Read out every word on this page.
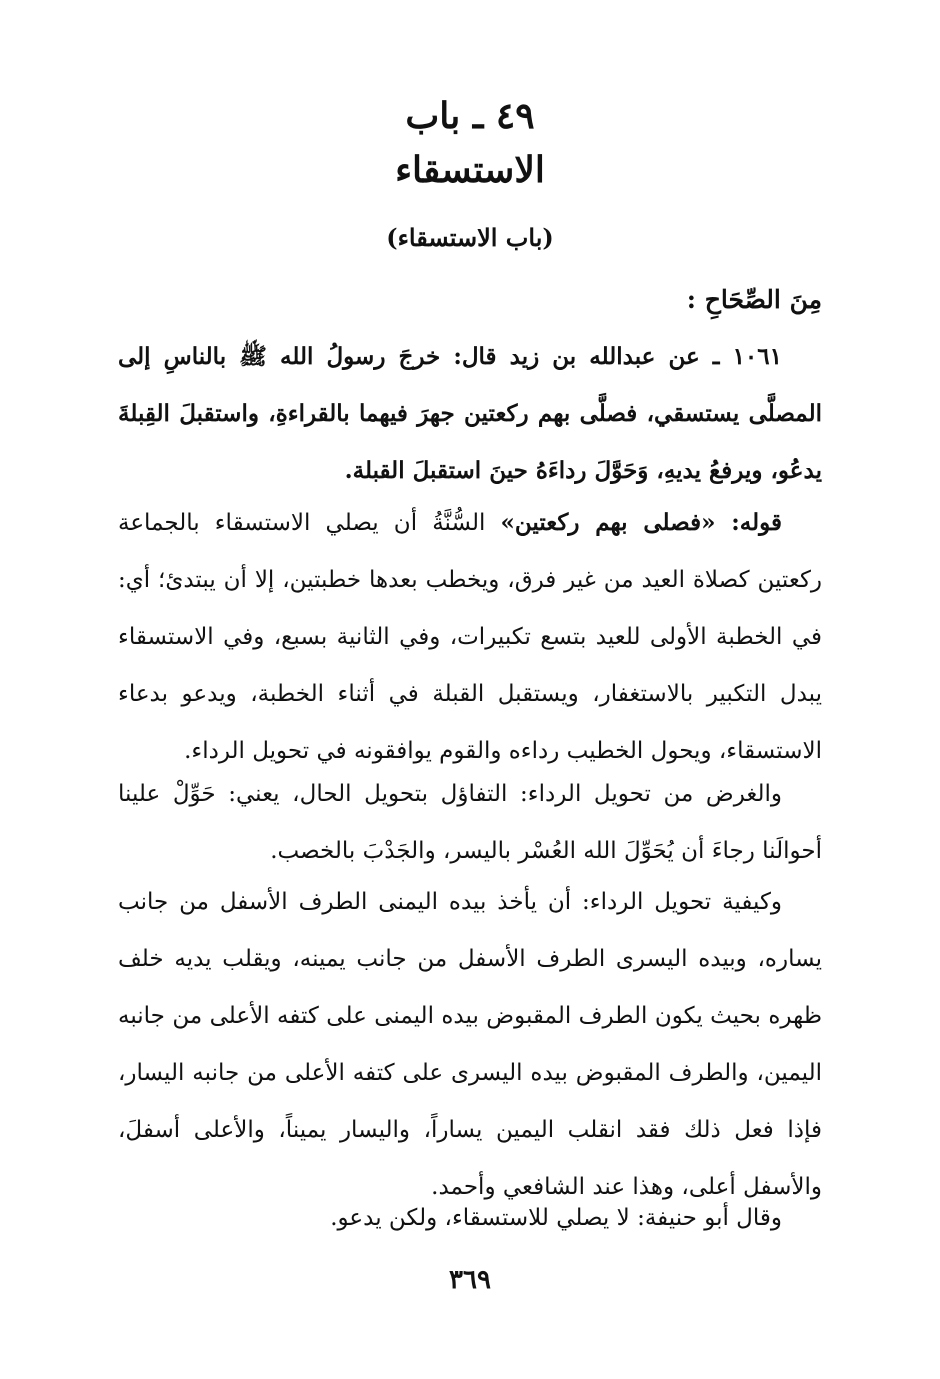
٤٩ ـ باب
الاستسقاء
(باب الاستسقاء)
مِنَ الصِّحَاحِ :

١٠٦١ ـ عن عبدالله بن زيد قال: خرجَ رسولُ الله ﷺ بالناسِ إلى المصلَّى يستسقي، فصلَّى بهم ركعتين جهرَ فيهما بالقراءةِ، واستقبلَ القِبلةَ يدعُو، ويرفعُ يديهِ، وَحَوَّلَ رداءَهُ حينَ استقبلَ القبلة.

قوله: «فصلى بهم ركعتين» السُّنَّةُ أن يصلي الاستسقاء بالجماعة ركعتين كصلاة العيد من غير فرق، ويخطب بعدها خطبتين، إلا أن يبتدئ؛ أي: في الخطبة الأولى للعيد بتسع تكبيرات، وفي الثانية بسبع، وفي الاستسقاء يبدل التكبير بالاستغفار، ويستقبل القبلة في أثناء الخطبة، ويدعو بدعاء الاستسقاء، ويحول الخطيب رداءه والقوم يوافقونه في تحويل الرداء.

والغرض من تحويل الرداء: التفاؤل بتحويل الحال، يعني: حَوِّلْ علينا أحوالَنا رجاءَ أن يُحَوِّلَ الله العُسْر باليسر، والجَدْبَ بالخصب.

وكيفية تحويل الرداء: أن يأخذ بيده اليمنى الطرف الأسفل من جانب يساره، وبيده اليسرى الطرف الأسفل من جانب يمينه، ويقلب يديه خلف ظهره بحيث يكون الطرف المقبوض بيده اليمنى على كتفه الأعلى من جانبه اليمين، والطرف المقبوض بيده اليسرى على كتفه الأعلى من جانبه اليسار، فإذا فعل ذلك فقد انقلب اليمين يساراً، واليسار يميناً، والأعلى أسفلَ، والأسفل أعلى، وهذا عند الشافعي وأحمد.

وقال أبو حنيفة: لا يصلي للاستسقاء، ولكن يدعو.

٣٦٩
